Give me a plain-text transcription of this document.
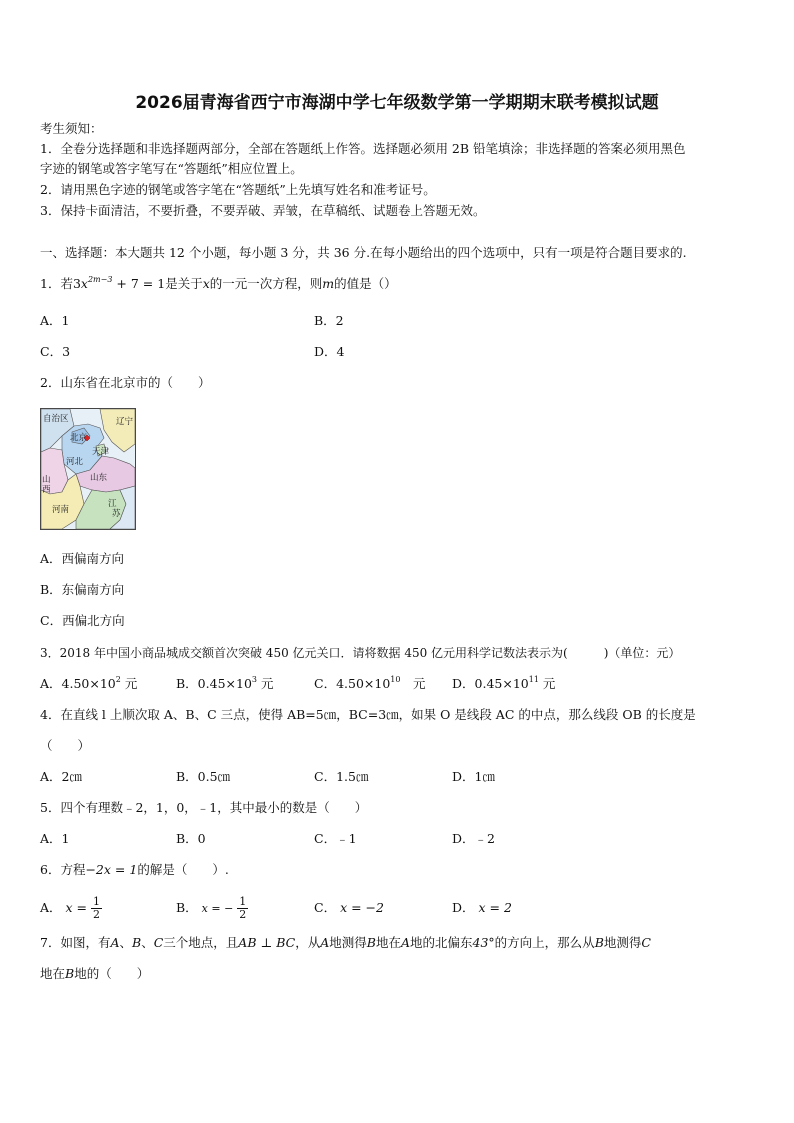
2026届青海省西宁市海湖中学七年级数学第一学期期末联考模拟试题
考生须知：
1．全卷分选择题和非选择题两部分，全部在答题纸上作答。选择题必须用 2B 铅笔填涂；非选择题的答案必须用黑色
字迹的钢笔或答字笔写在“答题纸”相应位置上。
2．请用黑色字迹的钢笔或答字笔在“答题纸”上先填写姓名和准考证号。
3．保持卡面清洁，不要折叠，不要弄破、弄皱，在草稿纸、试题卷上答题无效。
一、选择题：本大题共 12 个小题，每小题 3 分，共 36 分.在每小题给出的四个选项中，只有一项是符合题目要求的.
1．若$3x^{2m-3} + 7 = 1$是关于x的一元一次方程，则m的值是（）
A．1	B．2
C．3	D．4
2．山东省在北京市的（　　）
自治区
北京
辽宁
天津
河北
山东
山
西
河南
江
苏
A．西偏南方向
B．东偏南方向
C．西偏北方向
3．2018 年中国小商品城成交额首次突破 450 亿元关口．请将数据 450 亿元用科学记数法表示为(　　　)（单位：元）
A．$4.50\times 10^2$ 元	B．$0.45\times 10^3$ 元	C．$4.50\times 10^{10}$　元 D．$0.45\times 10^{11}$ 元
4．在直线 l 上顺次取 A、B、C 三点，使得 AB=5㎝，BC=3㎝，如果 O 是线段 AC 的中点，那么线段 OB 的长度是
（　　）
A．2㎝	B．0.5㎝	C．1.5㎝	D．1㎝
5．四个有理数﹣2，1，0，﹣1，其中最小的数是（　　）
A．1	B．0	C．﹣1	D．﹣2
6．方程−2x = 1的解是（　　）.
A． $x = \frac{1}{2}$	B． x = − $\frac{1}{2}$	C． x = −2	D． x = 2
7．如图，有A、B、C三个地点，且AB ⊥ BC，从A地测得B地在A地的北偏东43°的方向上，那么从B地测得C
地在B地的（　　）
